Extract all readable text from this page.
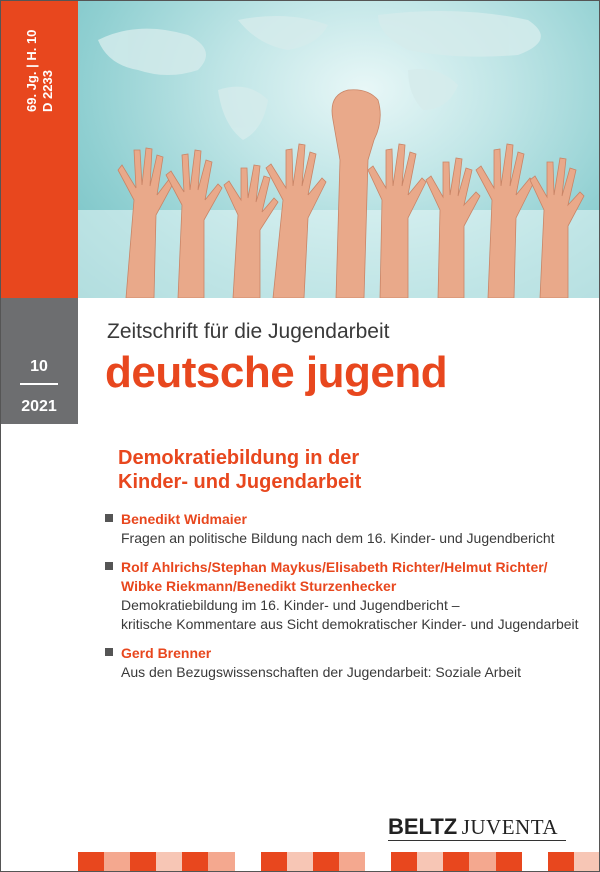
69. Jg. | H. 10 D 2233
10
2021
Zeitschrift für die Jugendarbeit
deutsche jugend
Demokratiebildung in der
Kinder- und Jugendarbeit
Benedikt Widmaier
Fragen an politische Bildung nach dem 16. Kinder- und Jugendbericht
Rolf Ahlrichs/Stephan Maykus/Elisabeth Richter/Helmut Richter/ Wibke Riekmann/Benedikt Sturzenhecker
Demokratiebildung im 16. Kinder- und Jugendbericht –
kritische Kommentare aus Sicht demokratischer Kinder- und Jugendarbeit
Gerd Brenner
Aus den Bezugswissenschaften der Jugendarbeit: Soziale Arbeit
BELTZ JUVENTA
